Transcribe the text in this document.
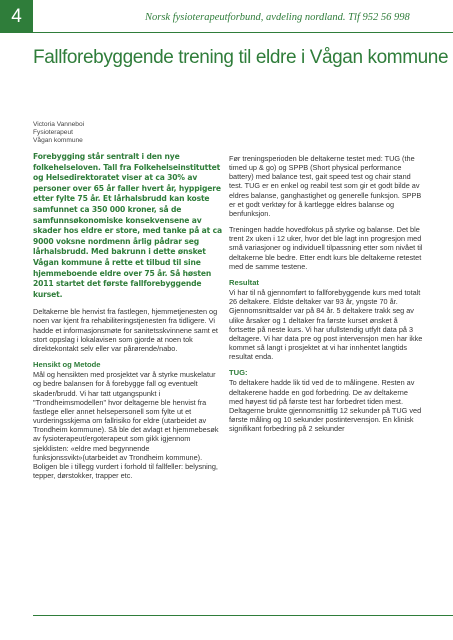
4	Norsk fysioterapeutforbund, avdeling nordland. Tlf 952 56 998
Fallforebyggende trening til eldre i Vågan kommune
Victoria Vanneboi
Fysioterapeut
Vågan kommune

Forebygging står sentralt i den nye folkehelseloven. Tall fra Folkehelseinstituttet og Helsedirektoratet viser at ca 30% av personer over 65 år faller hvert år, hyppigere etter fylte 75 år. Et lårhalsbrudd kan koste samfunnet ca 350 000 kroner, så de samfunnsøkonomiske konsekvensene av skader hos eldre er store, med tanke på at ca 9000 voksne nordmenn årlig pådrar seg lårhalsbrudd. Med bakrunn i dette ønsket Vågan kommune å rette et tilbud til sine hjemmeboende eldre over 75 år. Så høsten 2011 startet det første fallforebyggende kurset.

Deltakerne ble henvist fra fastlegen, hjemmetjenesten og noen var kjent fra rehabiliteringstjenesten fra tidligere. Vi hadde et informasjonsmøte for sanitetsskvinnene samt et stort oppslag i lokalavisen som gjorde at noen tok direktekontakt selv eller var pårørende/nabo.

Hensikt og Metode

Mål og hensikten med prosjektet var å styrke muskelatur og bedre balansen for å forebygge fall og eventuelt skader/brudd. Vi har tatt utgangspunkt i "Trondheimsmodellen" hvor deltagerne ble henvist fra fastlege eller annet helsepersonell som fylte ut et vurderingsskjema om fallrisiko for eldre (utarbeidet av Trondheim kommune). Så ble det avlagt et hjemmebesøk av fysioterapeut/ergoterapeut som gikk igjennom sjekklisten: «eldre med begynnende funksjonssvikt»(utarbeidet av Trondheim kommune). Boligen ble i tillegg vurdert i forhold til fallfeller: belysning, tepper, dørstokker, trapper etc.

Før treningsperioden ble deltakerne testet med: TUG (the timed up & go) og SPPB (Short physical performance battery) med balance test, gait speed test og chair stand test. TUG er en enkel og reabil test som gir et godt bilde av eldres balanse, ganghastighet og generelle funksjon. SPPB er et godt verktøy for å kartlegge eldres balanse og benfunksjon.

Treningen hadde hovedfokus på styrke og balanse. Det ble trent 2x uken i 12 uker, hvor det ble lagt inn progresjon med små variasjoner og individuell tilpassning etter som nivået til deltakerne ble bedre. Etter endt kurs ble deltakerne retestet med de samme testene.

Resultat

Vi har til nå gjennomført to fallforebyggende kurs med totalt 26 deltakere. Eldste deltaker var 93 år, yngste 70 år. Gjennomsnittsalder var på 84 år. 5 deltakere trakk seg av ulike årsaker og 1 deltaker fra første kurset ønsket å fortsette på neste kurs. Vi har ufullstendig utfylt data på 3 deltagere. Vi har data pre og post intervensjon men har ikke kommet så langt i prosjektet at vi har innhentet langtids resultat enda.

TUG:

To deltakere hadde lik tid ved de to målingene. Resten av deltakerene hadde en god forbedring. De av deltakerne med høyest tid på første test har forbedret tiden mest. Deltagerne brukte gjennomsnittlig 12 sekunder på TUG ved første måling og 10 sekunder postintervensjon. En klinisk signifikant forbedring på 2 sekunder
